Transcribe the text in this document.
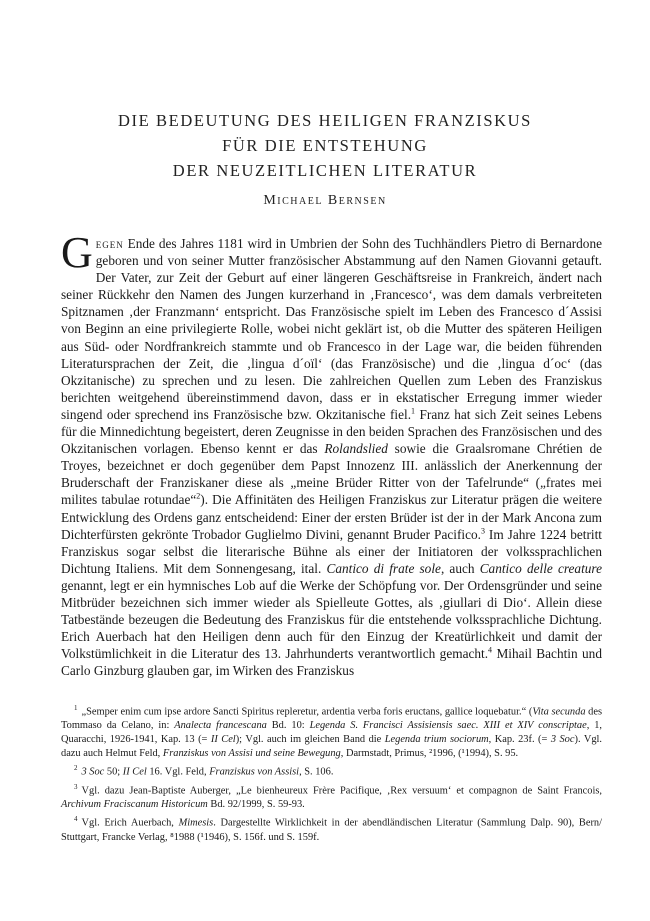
DIE BEDEUTUNG DES HEILIGEN FRANZISKUS
FÜR DIE ENTSTEHUNG
DER NEUZEITLICHEN LITERATUR
Michael Bernsen
Gegen Ende des Jahres 1181 wird in Umbrien der Sohn des Tuchhändlers Pietro di Bernardone geboren und von seiner Mutter französischer Abstammung auf den Namen Giovanni getauft. Der Vater, zur Zeit der Geburt auf einer längeren Geschäftsreise in Frankreich, ändert nach seiner Rückkehr den Namen des Jungen kurzerhand in ‚Francesco‘, was dem damals verbreiteten Spitznamen ‚der Franzmann‘ entspricht. Das Französische spielt im Leben des Francesco d´Assisi von Beginn an eine privilegierte Rolle, wobei nicht geklärt ist, ob die Mutter des späteren Heiligen aus Süd- oder Nordfrankreich stammte und ob Francesco in der Lage war, die beiden führenden Literatursprachen der Zeit, die ‚lingua d´oïl‘ (das Französische) und die ‚lingua d´oc‘ (das Okzitanische) zu sprechen und zu lesen. Die zahlreichen Quellen zum Leben des Franziskus berichten weitgehend übereinstimmend davon, dass er in ekstatischer Erregung immer wieder singend oder sprechend ins Französische bzw. Okzitanische fiel.$^1$ Franz hat sich Zeit seines Lebens für die Minnedichtung begeistert, deren Zeugnisse in den beiden Sprachen des Französischen und des Okzitanischen vorlagen. Ebenso kennt er das Rolandslied sowie die Graalsromane Chrétien de Troyes, bezeichnet er doch gegenüber dem Papst Innozenz III. anlässlich der Anerkennung der Bruderschaft der Franziskaner diese als „meine Brüder Ritter von der Tafelrunde“ („frates mei milites tabulae rotundae“$^2$). Die Affinitäten des Heiligen Franziskus zur Literatur prägen die weitere Entwicklung des Ordens ganz entscheidend: Einer der ersten Brüder ist der in der Mark Ancona zum Dichterfürsten gekrönte Trobador Guglielmo Divini, genannt Bruder Pacifico.$^3$ Im Jahre 1224 betritt Franziskus sogar selbst die literarische Bühne als einer der Initiatoren der volkssprachlichen Dichtung Italiens. Mit dem Sonnengesang, ital. Cantico di frate sole, auch Cantico delle creature genannt, legt er ein hymnisches Lob auf die Werke der Schöpfung vor. Der Ordensgründer und seine Mitbrüder bezeichnen sich immer wieder als Spielleute Gottes, als ‚giullari di Dio‘. Allein diese Tatbestände bezeugen die Bedeutung des Franziskus für die entstehende volkssprachliche Dichtung. Erich Auerbach hat den Heiligen denn auch für den Einzug der Kreatürlichkeit und damit der Volkstümlichkeit in die Literatur des 13. Jahrhunderts verantwortlich gemacht.$^4$ Mihail Bachtin und Carlo Ginzburg glauben gar, im Wirken des Franziskus

$^1$ „Semper enim cum ipse ardore Sancti Spiritus repleretur, ardentia verba foris eructans, gallice loquebatur.“ (Vita secunda des Tommaso da Celano, in: Analecta francescana Bd. 10: Legenda S. Francisci Assisiensis saec. XIII et XIV conscriptae, 1, Quaracchi, 1926-1941, Kap. 13 (= II Cel); Vgl. auch im gleichen Band die Legenda trium sociorum, Kap. 23f. (= 3 Soc). Vgl. dazu auch Helmut Feld, Franziskus von Assisi und seine Bewegung, Darmstadt, Primus, ²1996, (¹1994), S. 95.

$^2$ 3 Soc 50; II Cel 16. Vgl. Feld, Franziskus von Assisi, S. 106.

$^3$ Vgl. dazu Jean-Baptiste Auberger, „Le bienheureux Frère Pacifique, ‚Rex versuum‘ et compagnon de Saint Francois, Archivum Fraciscanum Historicum Bd. 92/1999, S. 59-93.

$^4$ Vgl. Erich Auerbach, Mimesis. Dargestellte Wirklichkeit in der abendländischen Literatur (Sammlung Dalp. 90), Bern/ Stuttgart, Francke Verlag, ⁸1988 (¹1946), S. 156f. und S. 159f.
